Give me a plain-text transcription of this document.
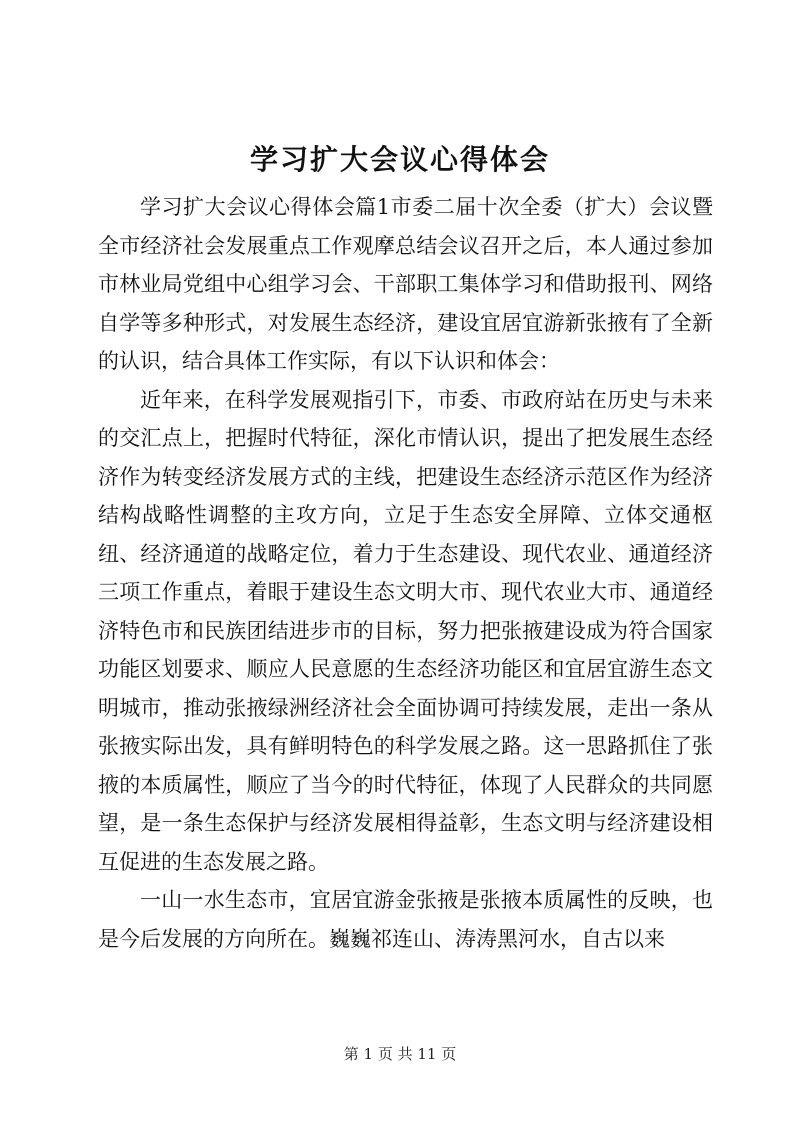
学习扩大会议心得体会

学习扩大会议心得体会篇1市委二届十次全委（扩大）会议暨全市经济社会发展重点工作观摩总结会议召开之后，本人通过参加市林业局党组中心组学习会、干部职工集体学习和借助报刊、网络自学等多种形式，对发展生态经济，建设宜居宜游新张掖有了全新的认识，结合具体工作实际，有以下认识和体会：

近年来，在科学发展观指引下，市委、市政府站在历史与未来的交汇点上，把握时代特征，深化市情认识，提出了把发展生态经济作为转变经济发展方式的主线，把建设生态经济示范区作为经济结构战略性调整的主攻方向，立足于生态安全屏障、立体交通枢纽、经济通道的战略定位，着力于生态建设、现代农业、通道经济三项工作重点，着眼于建设生态文明大市、现代农业大市、通道经济特色市和民族团结进步市的目标，努力把张掖建设成为符合国家功能区划要求、顺应人民意愿的生态经济功能区和宜居宜游生态文明城市，推动张掖绿洲经济社会全面协调可持续发展，走出一条从张掖实际出发，具有鲜明特色的科学发展之路。这一思路抓住了张掖的本质属性，顺应了当今的时代特征，体现了人民群众的共同愿望，是一条生态保护与经济发展相得益彰，生态文明与经济建设相互促进的生态发展之路。

一山一水生态市，宜居宜游金张掖是张掖本质属性的反映，也是今后发展的方向所在。巍巍祁连山、涛涛黑河水，自古以来

第 1 页 共 11 页
